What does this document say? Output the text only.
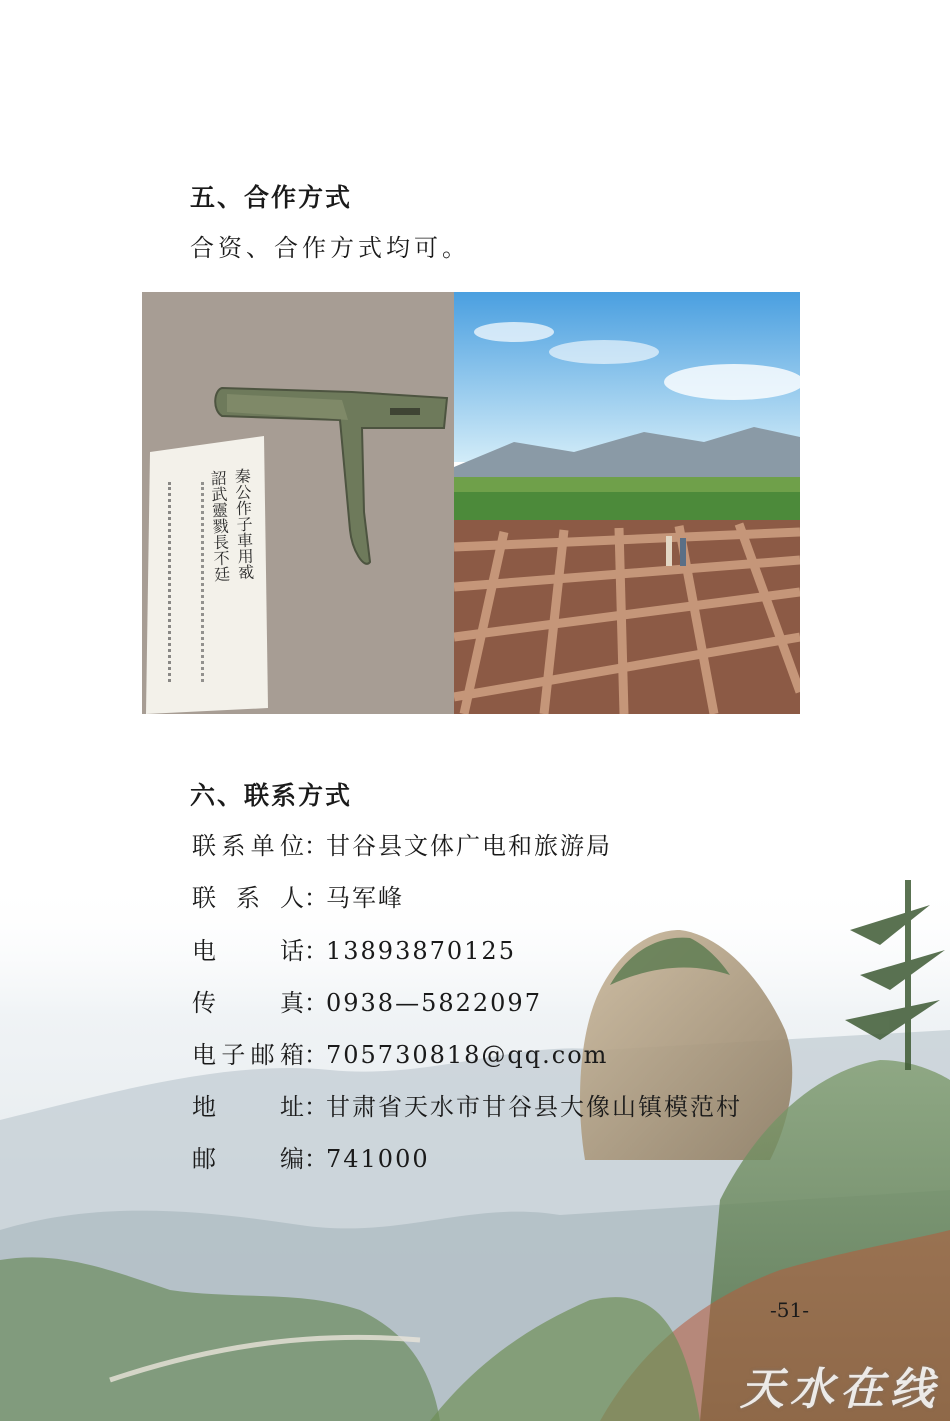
五、合作方式
合资、合作方式均可。
秦公作子車用㦴
詔武靈戮長不廷
六、联系方式
联系单位 ：
甘谷县文体广电和旅游局
联系人 ：
马军峰
电话 ：
13893870125
传真 ：
0938—5822097
电子邮箱 ：
705730818@qq.com
地址 ：
甘肃省天水市甘谷县大像山镇模范村
邮编 ：
741000
-51-
天水在线
